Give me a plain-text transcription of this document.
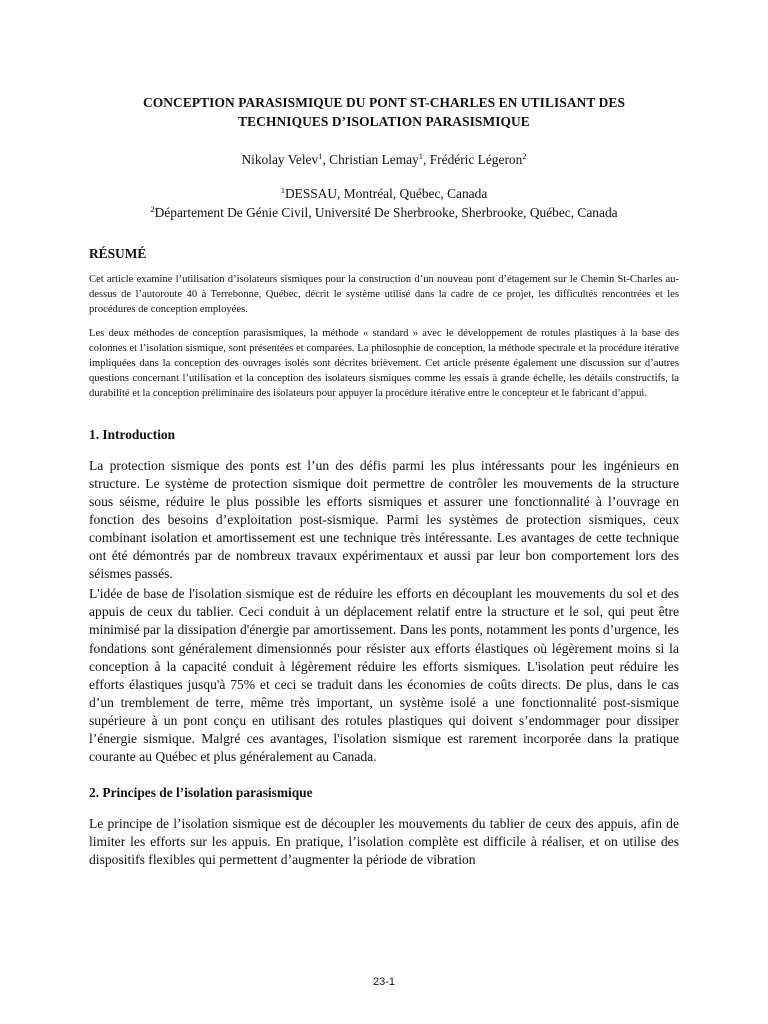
CONCEPTION PARASISMIQUE DU PONT ST-CHARLES EN UTILISANT DES
TECHNIQUES D’ISOLATION PARASISMIQUE
Nikolay Velev$^1$, Christian Lemay$^1$, Frédéric Légeron$^2$
$^1$DESSAU, Montréal, Québec, Canada
$^2$Département De Génie Civil, Université De Sherbrooke, Sherbrooke, Québec, Canada
RÉSUMÉ

Cet article examine l’utilisation d’isolateurs sismiques pour la construction d’un nouveau pont d’étagement sur le Chemin St-Charles au-dessus de l’autoroute 40 à Terrebonne, Québec, décrit le système utilisé dans la cadre de ce projet, les difficultés rencontrées et les procédures de conception employées.

Les deux méthodes de conception parasismiques, la méthode « standard » avec le développement de rotules plastiques à la base des colonnes et l’isolation sismique, sont présentées et comparées. La philosophie de conception, la méthode spectrale et la procédure itérative impliquées dans la conception des ouvrages isolés sont décrites brièvement. Cet article présente également une discussion sur d’autres questions concernant l’utilisation et la conception des isolateurs sismiques comme les essais à grande échelle, les détails constructifs, la durabilité et la conception préliminaire des isolateurs pour appuyer la procédure itérative entre le concepteur et le fabricant d’appui.

1. Introduction

La protection sismique des ponts est l’un des défis parmi les plus intéressants pour les ingénieurs en structure. Le système de protection sismique doit permettre de contrôler les mouvements de la structure sous séisme, réduire le plus possible les efforts sismiques et assurer une fonctionnalité à l’ouvrage en fonction des besoins d’exploitation post-sismique. Parmi les systèmes de protection sismiques, ceux combinant isolation et amortissement est une technique très intéressante. Les avantages de cette technique ont été démontrés par de nombreux travaux expérimentaux et aussi par leur bon comportement lors des séismes passés.

L'idée de base de l'isolation sismique est de réduire les efforts en découplant les mouvements du sol et des appuis de ceux du tablier. Ceci conduit à un déplacement relatif entre la structure et le sol, qui peut être minimisé par la dissipation d'énergie par amortissement. Dans les ponts, notamment les ponts d’urgence, les fondations sont généralement dimensionnés pour résister aux efforts élastiques où légèrement moins si la conception à la capacité conduit à légèrement réduire les efforts sismiques. L'isolation peut réduire les efforts élastiques jusqu'à 75% et ceci se traduit dans les économies de coûts directs. De plus, dans le cas d’un tremblement de terre, même très important, un système isolé a une fonctionnalité post-sismique supérieure à un pont conçu en utilisant des rotules plastiques qui doivent s’endommager pour dissiper l’énergie sismique. Malgré ces avantages, l'isolation sismique est rarement incorporée dans la pratique courante au Québec et plus généralement au Canada.

2. Principes de l’isolation parasismique

Le principe de l’isolation sismique est de découpler les mouvements du tablier de ceux des appuis, afin de limiter les efforts sur les appuis. En pratique, l’isolation complète est difficile à réaliser, et on utilise des dispositifs flexibles qui permettent d’augmenter la période de vibration

23-1
